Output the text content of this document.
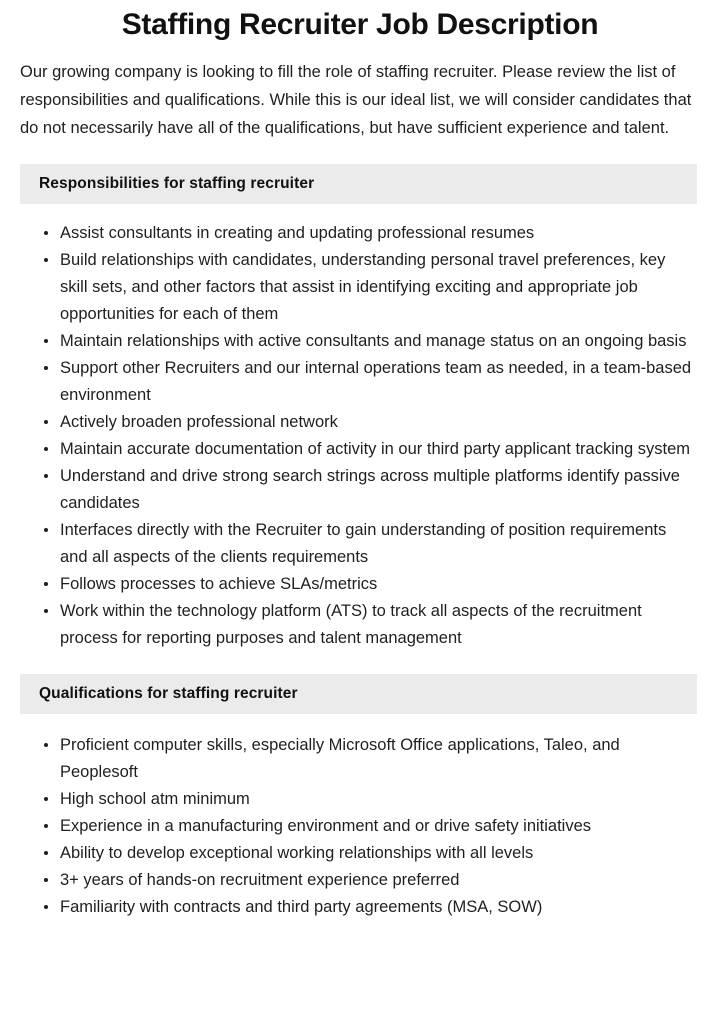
Staffing Recruiter Job Description

Our growing company is looking to fill the role of staffing recruiter. Please review the list of responsibilities and qualifications. While this is our ideal list, we will consider candidates that do not necessarily have all of the qualifications, but have sufficient experience and talent.

Responsibilities for staffing recruiter
Assist consultants in creating and updating professional resumes
Build relationships with candidates, understanding personal travel preferences, key skill sets, and other factors that assist in identifying exciting and appropriate job opportunities for each of them
Maintain relationships with active consultants and manage status on an ongoing basis
Support other Recruiters and our internal operations team as needed, in a team-based environment
Actively broaden professional network
Maintain accurate documentation of activity in our third party applicant tracking system
Understand and drive strong search strings across multiple platforms identify passive candidates
Interfaces directly with the Recruiter to gain understanding of position requirements and all aspects of the clients requirements
Follows processes to achieve SLAs/metrics
Work within the technology platform (ATS) to track all aspects of the recruitment process for reporting purposes and talent management
Qualifications for staffing recruiter
Proficient computer skills, especially Microsoft Office applications, Taleo, and Peoplesoft
High school atm minimum
Experience in a manufacturing environment and or drive safety initiatives
Ability to develop exceptional working relationships with all levels
3+ years of hands-on recruitment experience preferred
Familiarity with contracts and third party agreements (MSA, SOW)
